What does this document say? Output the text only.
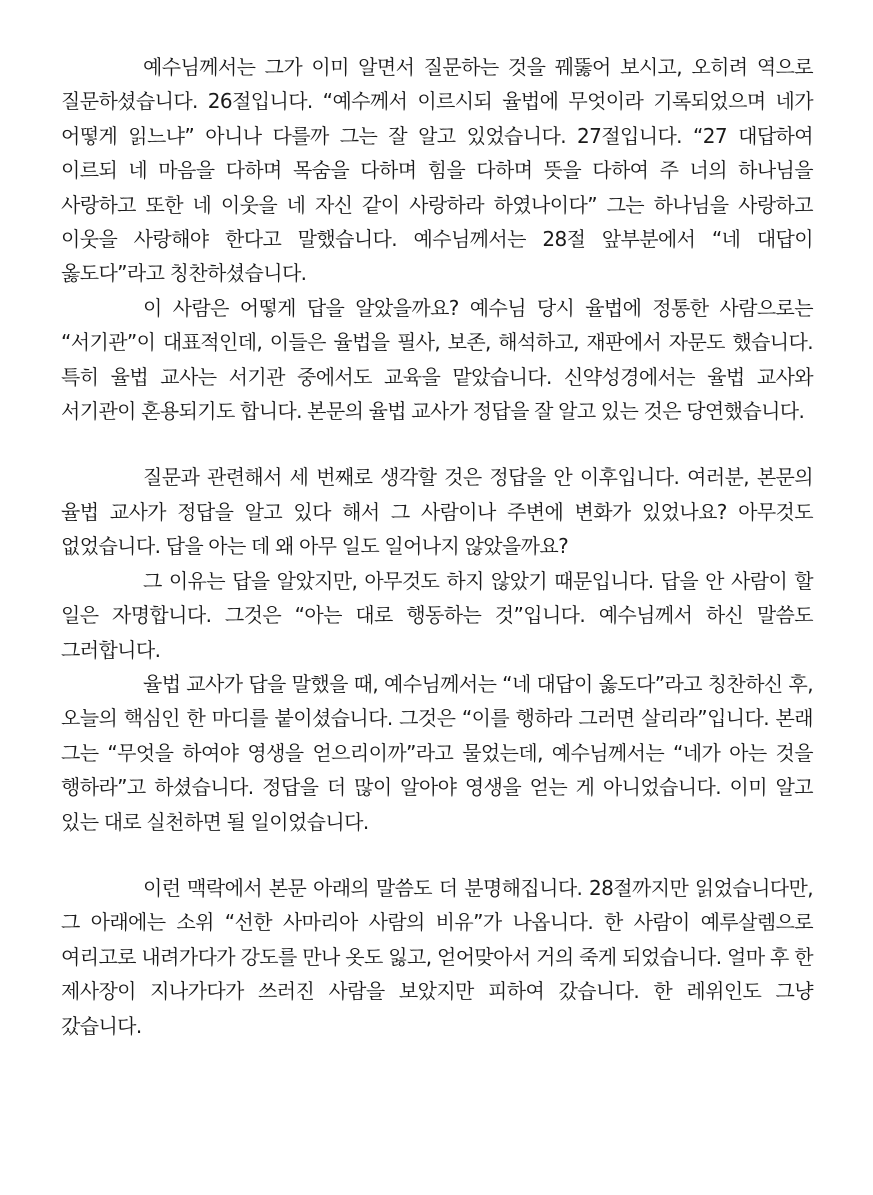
예수님께서는 그가 이미 알면서 질문하는 것을 꿰뚫어 보시고, 오히려 역으로 질문하셨습니다. 26절입니다. “예수께서 이르시되 율법에 무엇이라 기록되었으며 네가 어떻게 읽느냐” 아니나 다를까 그는 잘 알고 있었습니다. 27절입니다. “27 대답하여 이르되 네 마음을 다하며 목숨을 다하며 힘을 다하며 뜻을 다하여 주 너의 하나님을 사랑하고 또한 네 이웃을 네 자신 같이 사랑하라 하였나이다” 그는 하나님을 사랑하고 이웃을 사랑해야 한다고 말했습니다. 예수님께서는 28절 앞부분에서 “네 대답이 옳도다”라고 칭찬하셨습니다.

이 사람은 어떻게 답을 알았을까요? 예수님 당시 율법에 정통한 사람으로는 “서기관”이 대표적인데, 이들은 율법을 필사, 보존, 해석하고, 재판에서 자문도 했습니다. 특히 율법 교사는 서기관 중에서도 교육을 맡았습니다. 신약성경에서는 율법 교사와 서기관이 혼용되기도 합니다. 본문의 율법 교사가 정답을 잘 알고 있는 것은 당연했습니다.

질문과 관련해서 세 번째로 생각할 것은 정답을 안 이후입니다. 여러분, 본문의 율법 교사가 정답을 알고 있다 해서 그 사람이나 주변에 변화가 있었나요? 아무것도 없었습니다. 답을 아는 데 왜 아무 일도 일어나지 않았을까요?

그 이유는 답을 알았지만, 아무것도 하지 않았기 때문입니다. 답을 안 사람이 할 일은 자명합니다. 그것은 “아는 대로 행동하는 것”입니다. 예수님께서 하신 말씀도 그러합니다.

율법 교사가 답을 말했을 때, 예수님께서는 “네 대답이 옳도다”라고 칭찬하신 후, 오늘의 핵심인 한 마디를 붙이셨습니다. 그것은 “이를 행하라 그러면 살리라”입니다. 본래 그는 “무엇을 하여야 영생을 얻으리이까”라고 물었는데, 예수님께서는 “네가 아는 것을 행하라”고 하셨습니다. 정답을 더 많이 알아야 영생을 얻는 게 아니었습니다. 이미 알고 있는 대로 실천하면 될 일이었습니다.

이런 맥락에서 본문 아래의 말씀도 더 분명해집니다. 28절까지만 읽었습니다만, 그 아래에는 소위 “선한 사마리아 사람의 비유”가 나옵니다. 한 사람이 예루살렘으로 여리고로 내려가다가 강도를 만나 옷도 잃고, 얻어맞아서 거의 죽게 되었습니다. 얼마 후 한 제사장이 지나가다가 쓰러진 사람을 보았지만 피하여 갔습니다. 한 레위인도 그냥 갔습니다.
